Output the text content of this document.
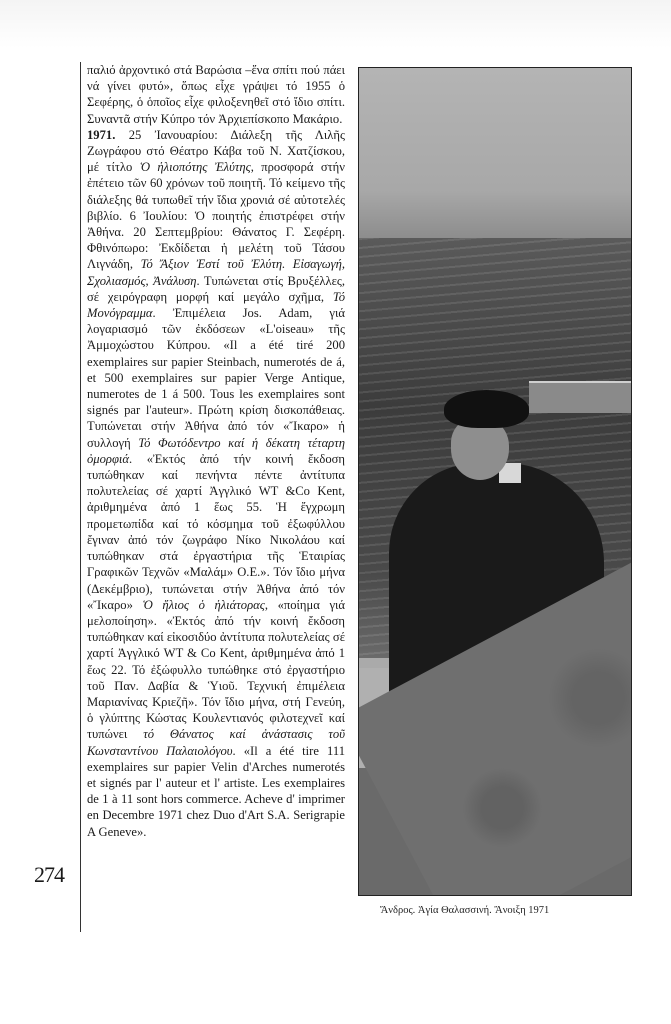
274

παλιό ἀρχοντικό στά Βαρώσια –ἕνα σπίτι πού πάει νά γίνει φυτό», ὅπως εἶχε γράψει τό 1955 ὁ Σεφέρης, ὁ ὁποῖος εἶχε φιλοξενηθεῖ στό ἴδιο σπίτι. Συναντᾶ στήν Κύπρο τόν Ἀρχιεπίσκοπο Μακάριο.

1971. 25 Ἰανουαρίου: Διάλεξη τῆς Λιλῆς Ζωγράφου στό Θέατρο Κάβα τοῦ Ν. Χατζίσκου, μέ τίτλο Ὁ ἡλιοπότης Ἐλύτης, προσφορά στήν ἐπέτειο τῶν 60 χρόνων τοῦ ποιητῆ. Τό κείμενο τῆς διάλεξης θά τυπωθεῖ τήν ἴδια χρονιά σέ αὐτοτελές βιβλίο. 6 Ἰουλίου: Ὁ ποιητής ἐπιστρέφει στήν Ἀθήνα. 20 Σεπτεμβρίου: Θάνατος Γ. Σεφέρη. Φθινόπωρο: Ἐκδίδεται ἡ μελέτη τοῦ Τάσου Λιγνάδη, Τό Ἄξιον Ἐστί τοῦ Ἐλύτη. Εἰσαγωγή, Σχολιασμός, Ἀνάλυση. Τυπώνεται στίς Βρυξέλλες, σέ χειρόγραφη μορφή καί μεγάλο σχῆμα, Τό Μονόγραμμα. Ἐπιμέλεια Jos. Adam, γιά λογαριασμό τῶν ἐκδόσεων «L'oiseau» τῆς Ἀμμοχώστου Κύπρου. «Il a été tiré 200 exemplaires sur papier Steinbach, numerotés de á, et 500 exemplaires sur papier Verge Antique, numerotes de 1 á 500. Tous les exemplaires sont signés par l'auteur». Πρώτη κρίση δισκοπάθειας. Τυπώνεται στήν Ἀθήνα ἀπό τόν «Ἴκαρο» ἡ συλλογή Τό Φωτόδεντρο καί ἡ δέκατη τέταρτη ὀμορφιά. «Ἐκτός ἀπό τήν κοινή ἔκδοση τυπώθηκαν καί πενήντα πέντε ἀντίτυπα πολυτελείας σέ χαρτί Ἀγγλικό WT &Co Kent, ἀριθμημένα ἀπό 1 ἕως 55. Ἡ ἔγχρωμη προμετωπίδα καί τό κόσμημα τοῦ ἐξωφύλλου ἔγιναν ἀπό τόν ζωγράφο Νίκο Νικολάου καί τυπώθηκαν στά ἐργαστήρια τῆς Ἑταιρίας Γραφικῶν Τεχνῶν «Μαλάμ» Ο.Ε.». Τόν ἴδιο μήνα (Δεκέμβριο), τυπώνεται στήν Ἀθήνα ἀπό τόν «Ἴκαρο» Ὁ ἥλιος ὁ ἡλιάτορας, «ποίημα γιά μελοποίηση». «Ἐκτός ἀπό τήν κοινή ἔκδοση τυπώθηκαν καί εἰκοσιδύο ἀντίτυπα πολυτελείας σέ χαρτί Ἀγγλικό WT & Co Kent, ἀριθμημένα ἀπό 1 ἕως 22. Τό ἐξώφυλλο τυπώθηκε στό ἐργαστήριο τοῦ Παν. Δαβία & Ὑιοῦ. Τεχνική ἐπιμέλεια Μαριανίνας Κριεζῆ». Τόν ἴδιο μήνα, στή Γενεύη, ὁ γλύπτης Κώστας Κουλεντιανός φιλοτεχνεῖ καί τυπώνει τό Θάνατος καί ἀνάστασις τοῦ Κωνσταντίνου Παλαιολόγου. «Il a été tire 111 exemplaires sur papier Velin d'Arches numerotés et signés par l' auteur et l' artiste. Les exemplaires de 1 à 11 sont hors commerce. Acheve d' imprimer en Decembre 1971 chez Duo d'Art S.A. Serigrapie A Geneve».

Ἄνδρος. Ἁγία Θαλασσινή. Ἄνοιξη 1971
